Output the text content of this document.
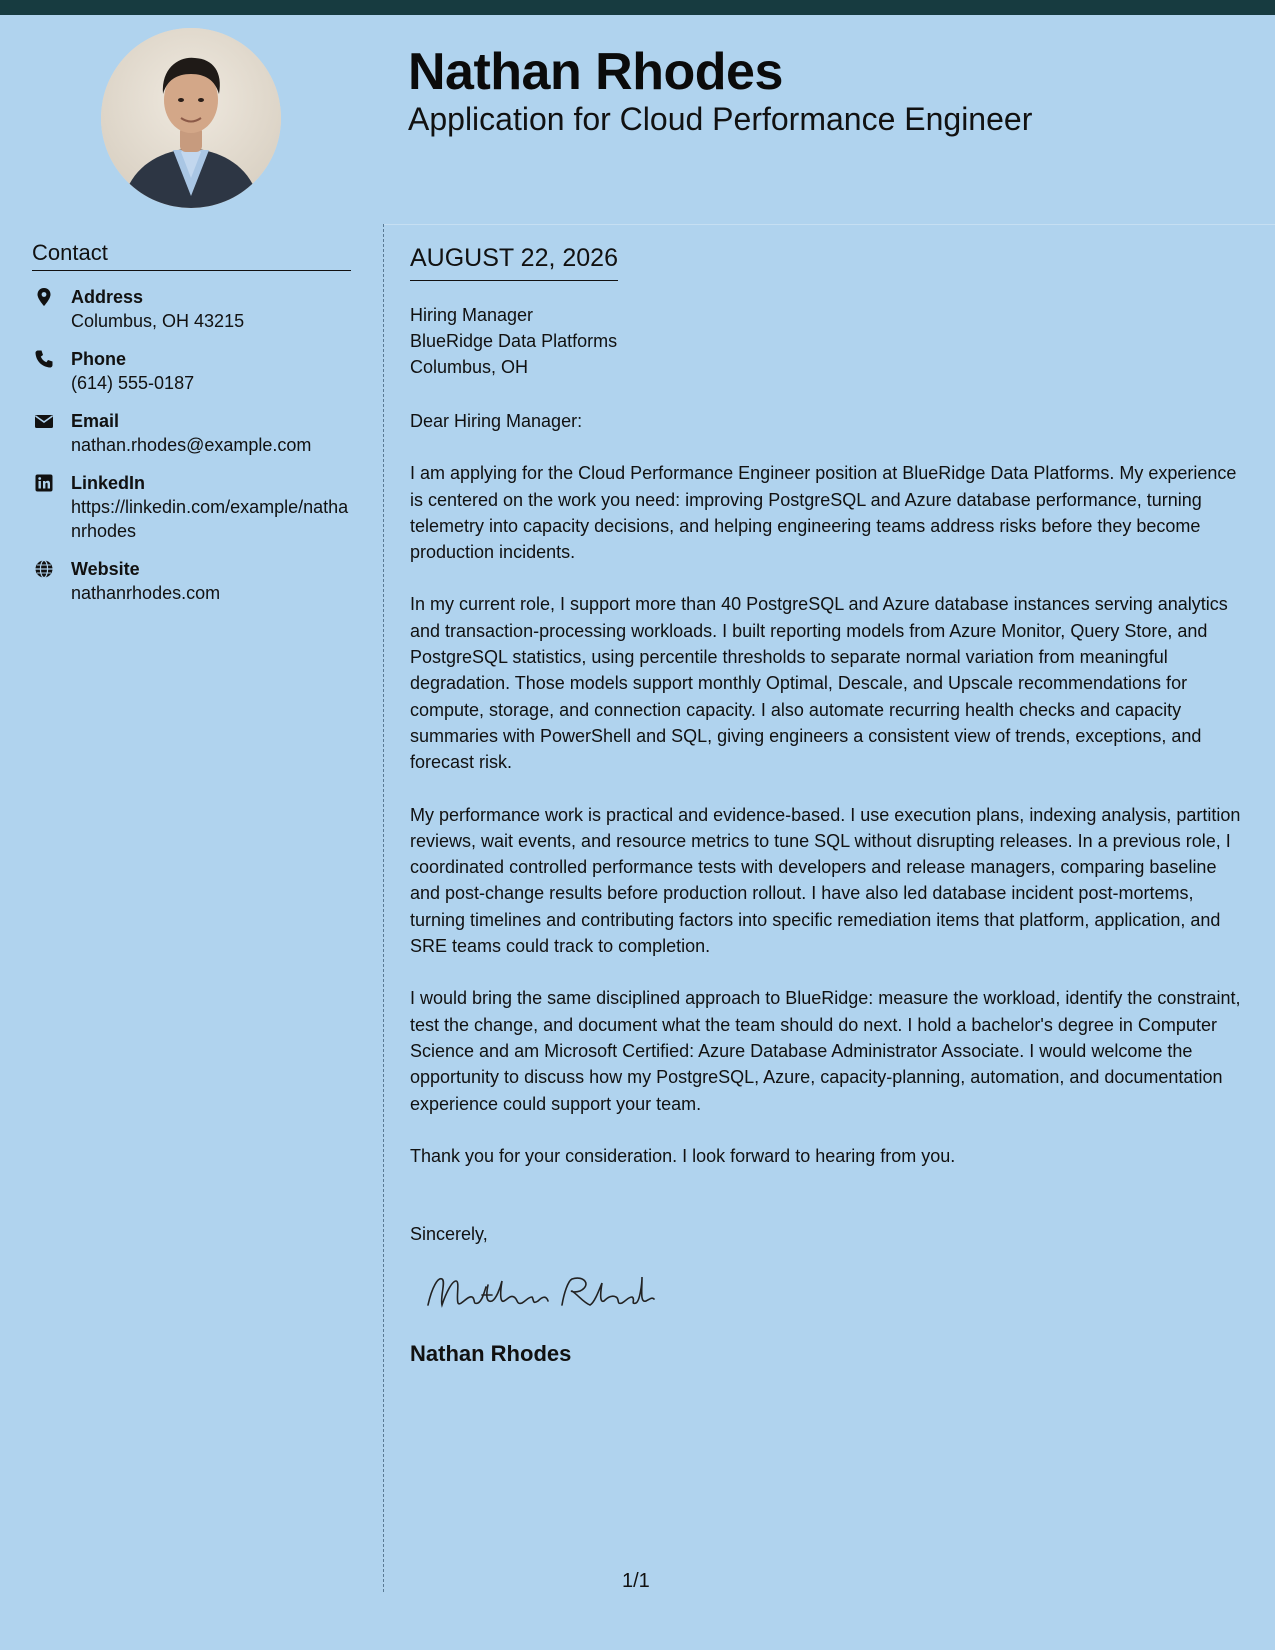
Nathan Rhodes
Application for Cloud Performance Engineer
Contact
Address
Columbus, OH 43215
Phone
(614) 555-0187
Email
nathan.rhodes@example.com
LinkedIn
https://linkedin.com/example/nathanrhodes
Website
nathanrhodes.com
AUGUST 22, 2026
Hiring Manager
BlueRidge Data Platforms
Columbus, OH
Dear Hiring Manager:
I am applying for the Cloud Performance Engineer position at BlueRidge Data Platforms. My experience is centered on the work you need: improving PostgreSQL and Azure database performance, turning telemetry into capacity decisions, and helping engineering teams address risks before they become production incidents.
In my current role, I support more than 40 PostgreSQL and Azure database instances serving analytics and transaction-processing workloads. I built reporting models from Azure Monitor, Query Store, and PostgreSQL statistics, using percentile thresholds to separate normal variation from meaningful degradation. Those models support monthly Optimal, Descale, and Upscale recommendations for compute, storage, and connection capacity. I also automate recurring health checks and capacity summaries with PowerShell and SQL, giving engineers a consistent view of trends, exceptions, and forecast risk.
My performance work is practical and evidence-based. I use execution plans, indexing analysis, partition reviews, wait events, and resource metrics to tune SQL without disrupting releases. In a previous role, I coordinated controlled performance tests with developers and release managers, comparing baseline and post-change results before production rollout. I have also led database incident post-mortems, turning timelines and contributing factors into specific remediation items that platform, application, and SRE teams could track to completion.
I would bring the same disciplined approach to BlueRidge: measure the workload, identify the constraint, test the change, and document what the team should do next. I hold a bachelor's degree in Computer Science and am Microsoft Certified: Azure Database Administrator Associate. I would welcome the opportunity to discuss how my PostgreSQL, Azure, capacity-planning, automation, and documentation experience could support your team.
Thank you for your consideration. I look forward to hearing from you.
Sincerely,
Nathan Rhodes
1/1
